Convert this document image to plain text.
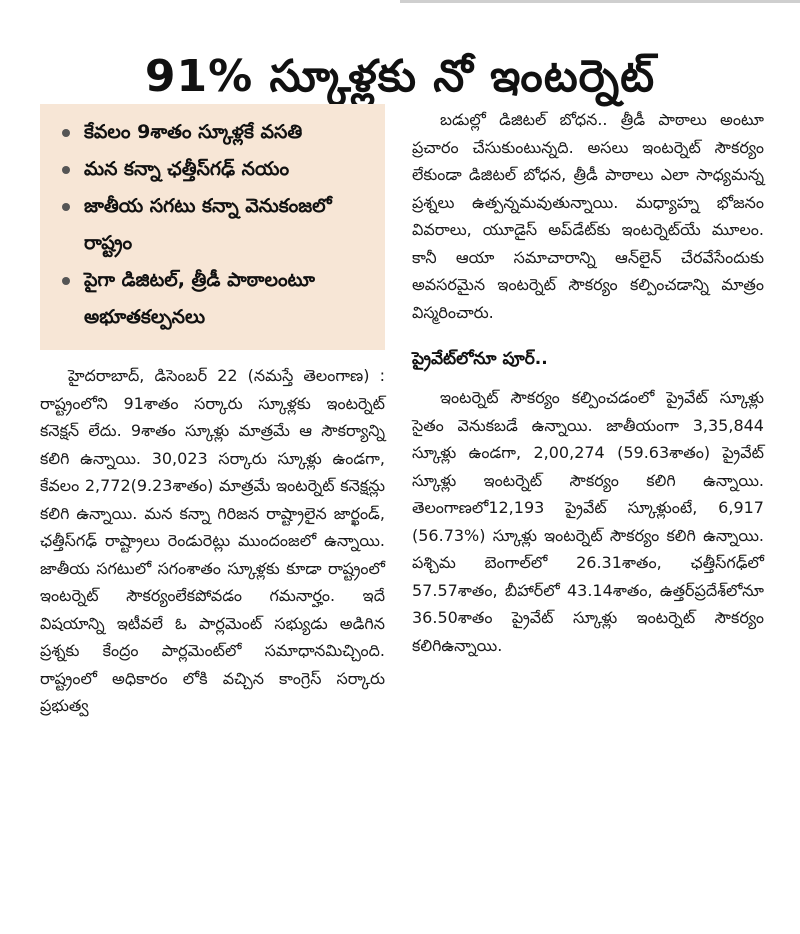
91% స్కూళ్లకు నో ఇంటర్నెట్
కేవలం 9శాతం స్కూళ్లకే వసతి
మన కన్నా ఛత్తీస్‌గఢ్ నయం
జాతీయ సగటు కన్నా వెనుకంజలో రాష్ట్రం
పైగా డిజిటల్, త్రీడీ పాఠాలంటూ అభూతకల్పనలు

హైదరాబాద్, డిసెంబర్ 22 (నమస్తే తెలంగాణ) : రాష్ట్రంలోని 91శాతం సర్కారు స్కూళ్లకు ఇంటర్నెట్ కనెక్షన్ లేదు. 9శాతం స్కూళ్లు మాత్రమే ఆ సౌకర్యాన్ని కలిగి ఉన్నాయి. 30,023 సర్కారు స్కూళ్లు ఉండగా, కేవలం 2,772(9.23శాతం) మాత్రమే ఇంటర్నెట్ కనెక్షన్లు కలిగి ఉన్నాయి. మన కన్నా గిరిజన రాష్ట్రాలైన జార్ఖండ్, ఛత్తీస్‌గఢ్ రాష్ట్రాలు రెండురెట్లు ముందంజలో ఉన్నాయి. జాతీయ సగటులో సగంశాతం స్కూళ్లకు కూడా రాష్ట్రంలో ఇంటర్నెట్ సౌకర్యంలేకపోవడం గమనార్హం. ఇదే విషయాన్ని ఇటీవలే ఓ పార్లమెంట్ సభ్యుడు అడిగిన ప్రశ్నకు కేంద్రం పార్లమెంట్‌లో సమాధానమిచ్చింది. రాష్ట్రంలో అధికారం లోకి వచ్చిన కాంగ్రెస్ సర్కారు ప్రభుత్వ

బడుల్లో డిజిటల్ బోధన.. త్రీడీ పాఠాలు అంటూ ప్రచారం చేసుకుంటున్నది. అసలు ఇంటర్నెట్ సౌకర్యం లేకుండా డిజిటల్ బోధన, త్రీడీ పాఠాలు ఎలా సాధ్యమన్న ప్రశ్నలు ఉత్పన్నమవుతున్నాయి. మధ్యాహ్న భోజనం వివరాలు, యూడైస్ అప్‌డేట్‌కు ఇంటర్నెట్‌యే మూలం. కానీ ఆయా సమాచారాన్ని ఆన్‌లైన్ చేరవేసేందుకు అవసరమైన ఇంటర్నెట్ సౌకర్యం కల్పించడాన్ని మాత్రం విస్మరించారు.

ప్రైవేట్‌లోనూ పూర్..

ఇంటర్నెట్ సౌకర్యం కల్పించడంలో ప్రైవేట్ స్కూళ్లు సైతం వెనుకబడే ఉన్నాయి. జాతీయంగా 3,35,844 స్కూళ్లు ఉండగా, 2,00,274 (59.63శాతం) ప్రైవేట్ స్కూళ్లు ఇంటర్నెట్ సౌకర్యం కలిగి ఉన్నాయి. తెలంగాణలో12,193 ప్రైవేట్ స్కూళ్లుంటే, 6,917 (56.73%) స్కూళ్లు ఇంటర్నెట్ సౌకర్యం కలిగి ఉన్నాయి. పశ్చిమ బెంగాల్‌లో 26.31శాతం, ఛత్తీస్‌గఢ్‌లో 57.57శాతం, బీహార్‌లో 43.14శాతం, ఉత్తర్‌ప్రదేశ్‌లోనూ 36.50శాతం ప్రైవేట్ స్కూళ్లు ఇంటర్నెట్ సౌకర్యం కలిగిఉన్నాయి.
